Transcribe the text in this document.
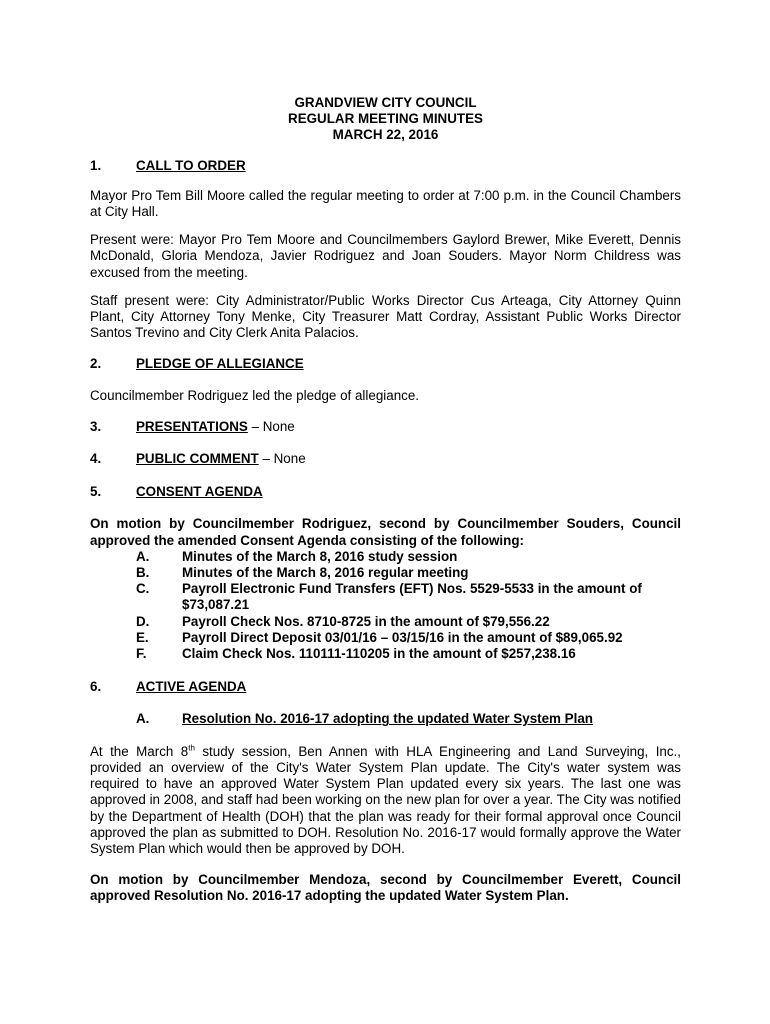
GRANDVIEW CITY COUNCIL
REGULAR MEETING MINUTES
MARCH 22, 2016
1.	CALL TO ORDER

Mayor Pro Tem Bill Moore called the regular meeting to order at 7:00 p.m. in the Council Chambers at City Hall.

Present were: Mayor Pro Tem Moore and Councilmembers Gaylord Brewer, Mike Everett, Dennis McDonald, Gloria Mendoza, Javier Rodriguez and Joan Souders. Mayor Norm Childress was excused from the meeting.

Staff present were: City Administrator/Public Works Director Cus Arteaga, City Attorney Quinn Plant, City Attorney Tony Menke, City Treasurer Matt Cordray, Assistant Public Works Director Santos Trevino and City Clerk Anita Palacios.

2.	PLEDGE OF ALLEGIANCE

Councilmember Rodriguez led the pledge of allegiance.

3.	PRESENTATIONS – None
4.	PUBLIC COMMENT – None
5.	CONSENT AGENDA

On motion by Councilmember Rodriguez, second by Councilmember Souders, Council approved the amended Consent Agenda consisting of the following:

A.	Minutes of the March 8, 2016 study session
B.	Minutes of the March 8, 2016 regular meeting
C.	Payroll Electronic Fund Transfers (EFT) Nos. 5529-5533 in the amount of $73,087.21
D.	Payroll Check Nos. 8710-8725 in the amount of $79,556.22
E.	Payroll Direct Deposit 03/01/16 – 03/15/16 in the amount of $89,065.92
F.	Claim Check Nos. 110111-110205 in the amount of $257,238.16
6.	ACTIVE AGENDA
A.	Resolution No. 2016-17 adopting the updated Water System Plan

At the March 8th study session, Ben Annen with HLA Engineering and Land Surveying, Inc., provided an overview of the City's Water System Plan update. The City's water system was required to have an approved Water System Plan updated every six years. The last one was approved in 2008, and staff had been working on the new plan for over a year. The City was notified by the Department of Health (DOH) that the plan was ready for their formal approval once Council approved the plan as submitted to DOH. Resolution No. 2016-17 would formally approve the Water System Plan which would then be approved by DOH.

On motion by Councilmember Mendoza, second by Councilmember Everett, Council approved Resolution No. 2016-17 adopting the updated Water System Plan.
